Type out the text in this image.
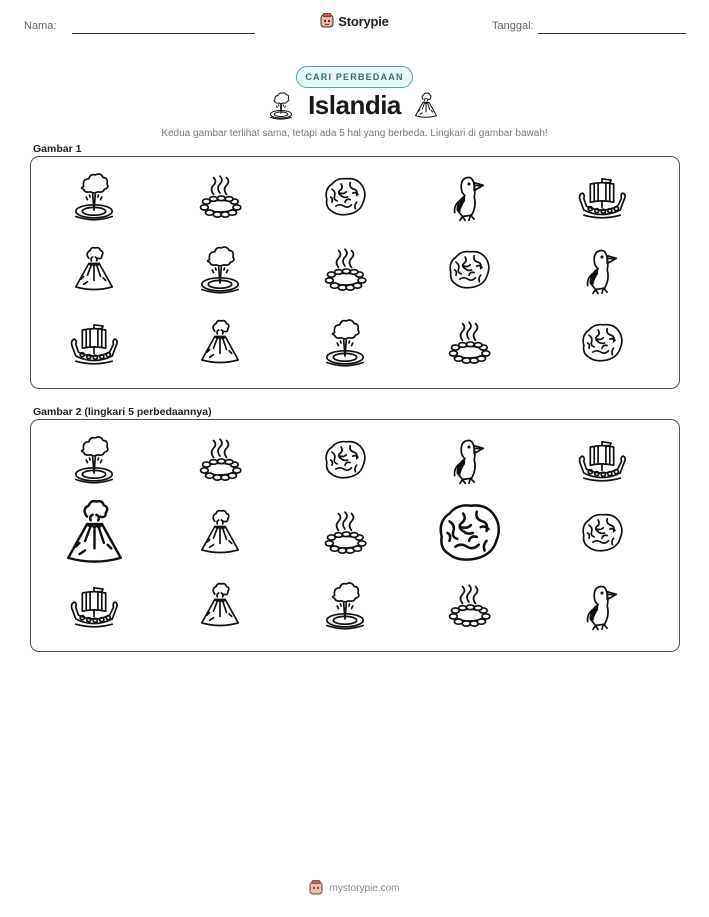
Nama:	Storypie	Tanggal:
CARI PERBEDAAN
Islandia
Kedua gambar terlihat sama, tetapi ada 5 hal yang berbeda. Lingkari di gambar bawah!
Gambar 1
Gambar 2 (lingkari 5 perbedaannya)
mystorypie.com
